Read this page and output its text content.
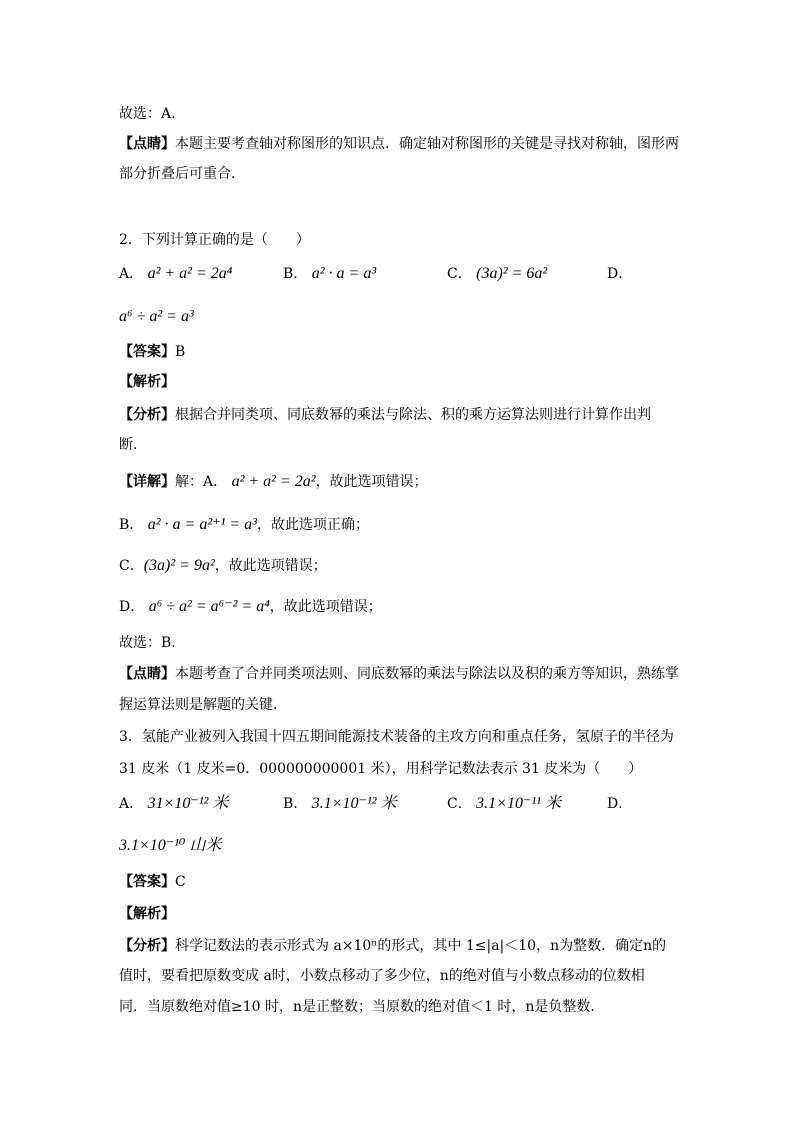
故选：A．
【点睛】本题主要考查轴对称图形的知识点．确定轴对称图形的关键是寻找对称轴，图形两
部分折叠后可重合．
2．下列计算正确的是（　　）
A． a² + a² = 2a⁴	B． a² · a = a³	C． (3a)² = 6a²	D．
a⁶ ÷ a² = a³
【答案】B
【解析】
【分析】根据合并同类项、同底数幂的乘法与除法、积的乘方运算法则进行计算作出判
断．
【详解】解：A． a² + a² = 2a²，故此选项错误；
B． a² · a = a²⁺¹ = a³，故此选项正确；
C．(3a)² = 9a²，故此选项错误；
D． a⁶ ÷ a² = a⁶⁻² = a⁴，故此选项错误；
故选：B．
【点睛】本题考查了合并同类项法则、同底数幂的乘法与除法以及积的乘方等知识，熟练掌
握运算法则是解题的关键．
3．氢能产业被列入我国十四五期间能源技术装备的主攻方向和重点任务，氢原子的半径为
31 皮米（1 皮米=0．000000000001 米），用科学记数法表示 31 皮米为（　　）
A． 31×10⁻¹² 米	B． 3.1×10⁻¹² 米	C． 3.1×10⁻¹¹ 米	D．
3.1×10⁻¹⁰ 山米
【答案】C
【解析】
【分析】科学记数法的表示形式为 a×10ⁿ的形式，其中 1≤|a|＜10，n为整数．确定n的
值时，要看把原数变成 a时，小数点移动了多少位，n的绝对值与小数点移动的位数相
同．当原数绝对值≥10 时，n是正整数；当原数的绝对值＜1 时，n是负整数．
